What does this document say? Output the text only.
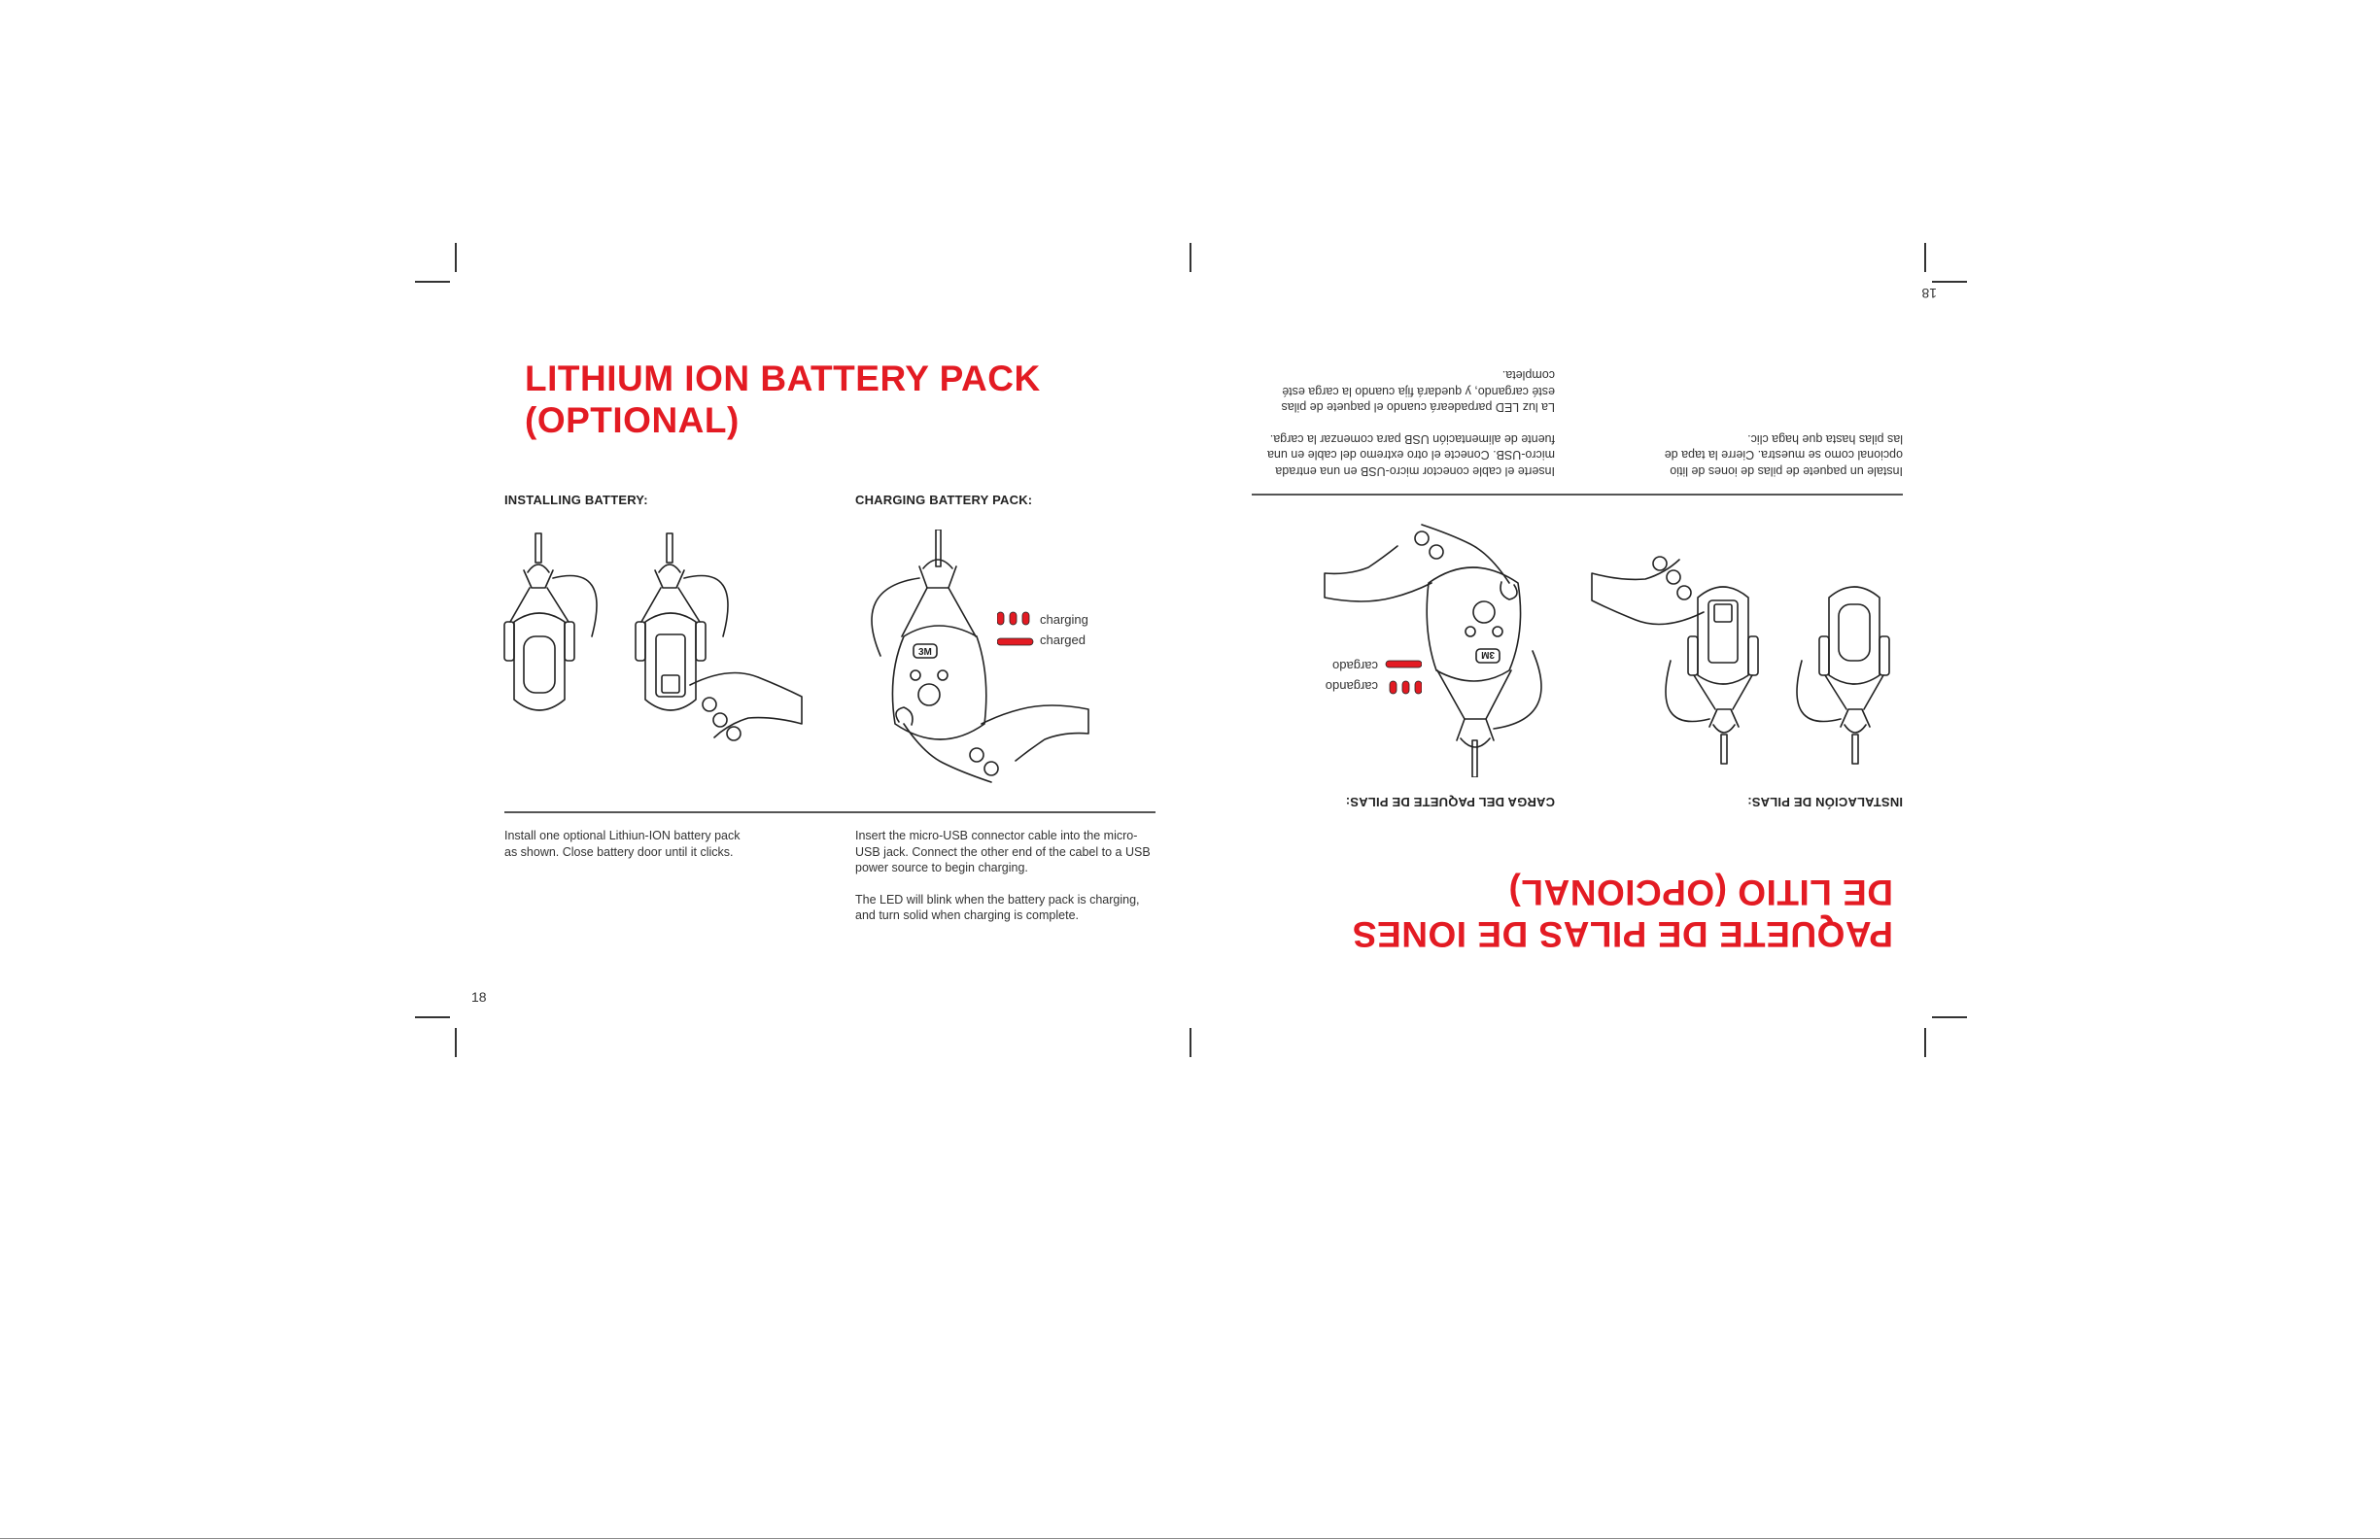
LITHIUM ION BATTERY PACK
(OPTIONAL)
INSTALLING BATTERY:	CHARGING BATTERY PACK:
3M
charging
charged

Install one optional Lithiun-ION battery pack as shown. Close battery door until it clicks.

Insert the micro-USB connector cable into the micro-USB jack. Connect the other end of the cabel to a USB power source to begin charging.

The LED will blink when the battery pack is charging, and turn solid when charging is complete.

18
PAQUETE DE PILAS DE IONES
DE LITIO (OPCIONAL)
INSTALACIÓN DE PILAS:
CARGA DEL PAQUETE DE PILAS:
3M
cargando
cargado

Instale un paquete de pilas de iones de litio opcional como se muestra. Cierre la tapa de las pilas hasta que haga clic.

Inserte el cable conector micro-USB en una entrada micro-USB. Conecte el otro extremo del cable en una fuente de alimentación USB para comenzar la carga.

La luz LED parpadeará cuando el paquete de pilas esté cargando, y quedará fija cuando la carga esté completa.

18
